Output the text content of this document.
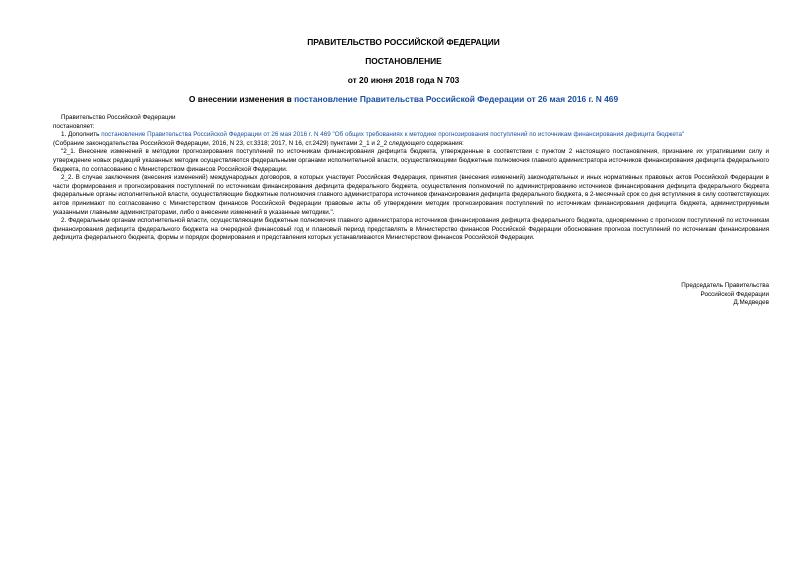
ПРАВИТЕЛЬСТВО РОССИЙСКОЙ ФЕДЕРАЦИИ
ПОСТАНОВЛЕНИЕ
от 20 июня 2018 года N 703
О внесении изменения в постановление Правительства Российской Федерации от 26 мая 2016 г. N 469

Правительство Российской Федерации

постановляет:

1. Дополнить постановление Правительства Российской Федерации от 26 мая 2016 г. N 469 "Об общих требованиях к методике прогнозирования поступлений по источникам финансирования дефицита бюджета"
(Собрание законодательства Российской Федерации, 2016, N 23, ст.3318; 2017, N 16, ст.2429) пунктами 2_1 и 2_2 следующего содержания:

"2_1. Внесение изменений в методики прогнозирования поступлений по источникам финансирования дефицита бюджета, утвержденные в соответствии с пунктом 2 настоящего постановления, признание их утратившими силу и утверждение новых редакций указанных методик осуществляются федеральными органами исполнительной власти, осуществляющими бюджетные полномочия главного администратора источников финансирования дефицита федерального бюджета, по согласованию с Министерством финансов Российской Федерации.

2_2. В случае заключения (внесения изменений) международных договоров, в которых участвует Российская Федерация, принятия (внесения изменений) законодательных и иных нормативных правовых актов Российской Федерации в части формирования и прогнозирования поступлений по источникам финансирования дефицита федерального бюджета, осуществления полномочий по администрированию источников финансирования дефицита федерального бюджета федеральные органы исполнительной власти, осуществляющие бюджетные полномочия главного администратора источников финансирования дефицита федерального бюджета, в 2-месячный срок со дня вступления в силу соответствующих актов принимают по согласованию с Министерством финансов Российской Федерации правовые акты об утверждении методик прогнозирования поступлений по источникам финансирования дефицита бюджета, администрируемым указанными главными администраторами, либо о внесении изменений в указанные методики.".

2. Федеральным органам исполнительной власти, осуществляющим бюджетные полномочия главного администратора источников финансирования дефицита федерального бюджета, одновременно с прогнозом поступлений по источникам финансирования дефицита федерального бюджета на очередной финансовый год и плановый период представлять в Министерство финансов Российской Федерации обоснования прогноза поступлений по источникам финансирования дефицита федерального бюджета, формы и порядок формирования и представления которых устанавливаются Министерством финансов Российской Федерации.

Председатель Правительства
Российской Федерации
Д.Медведев
